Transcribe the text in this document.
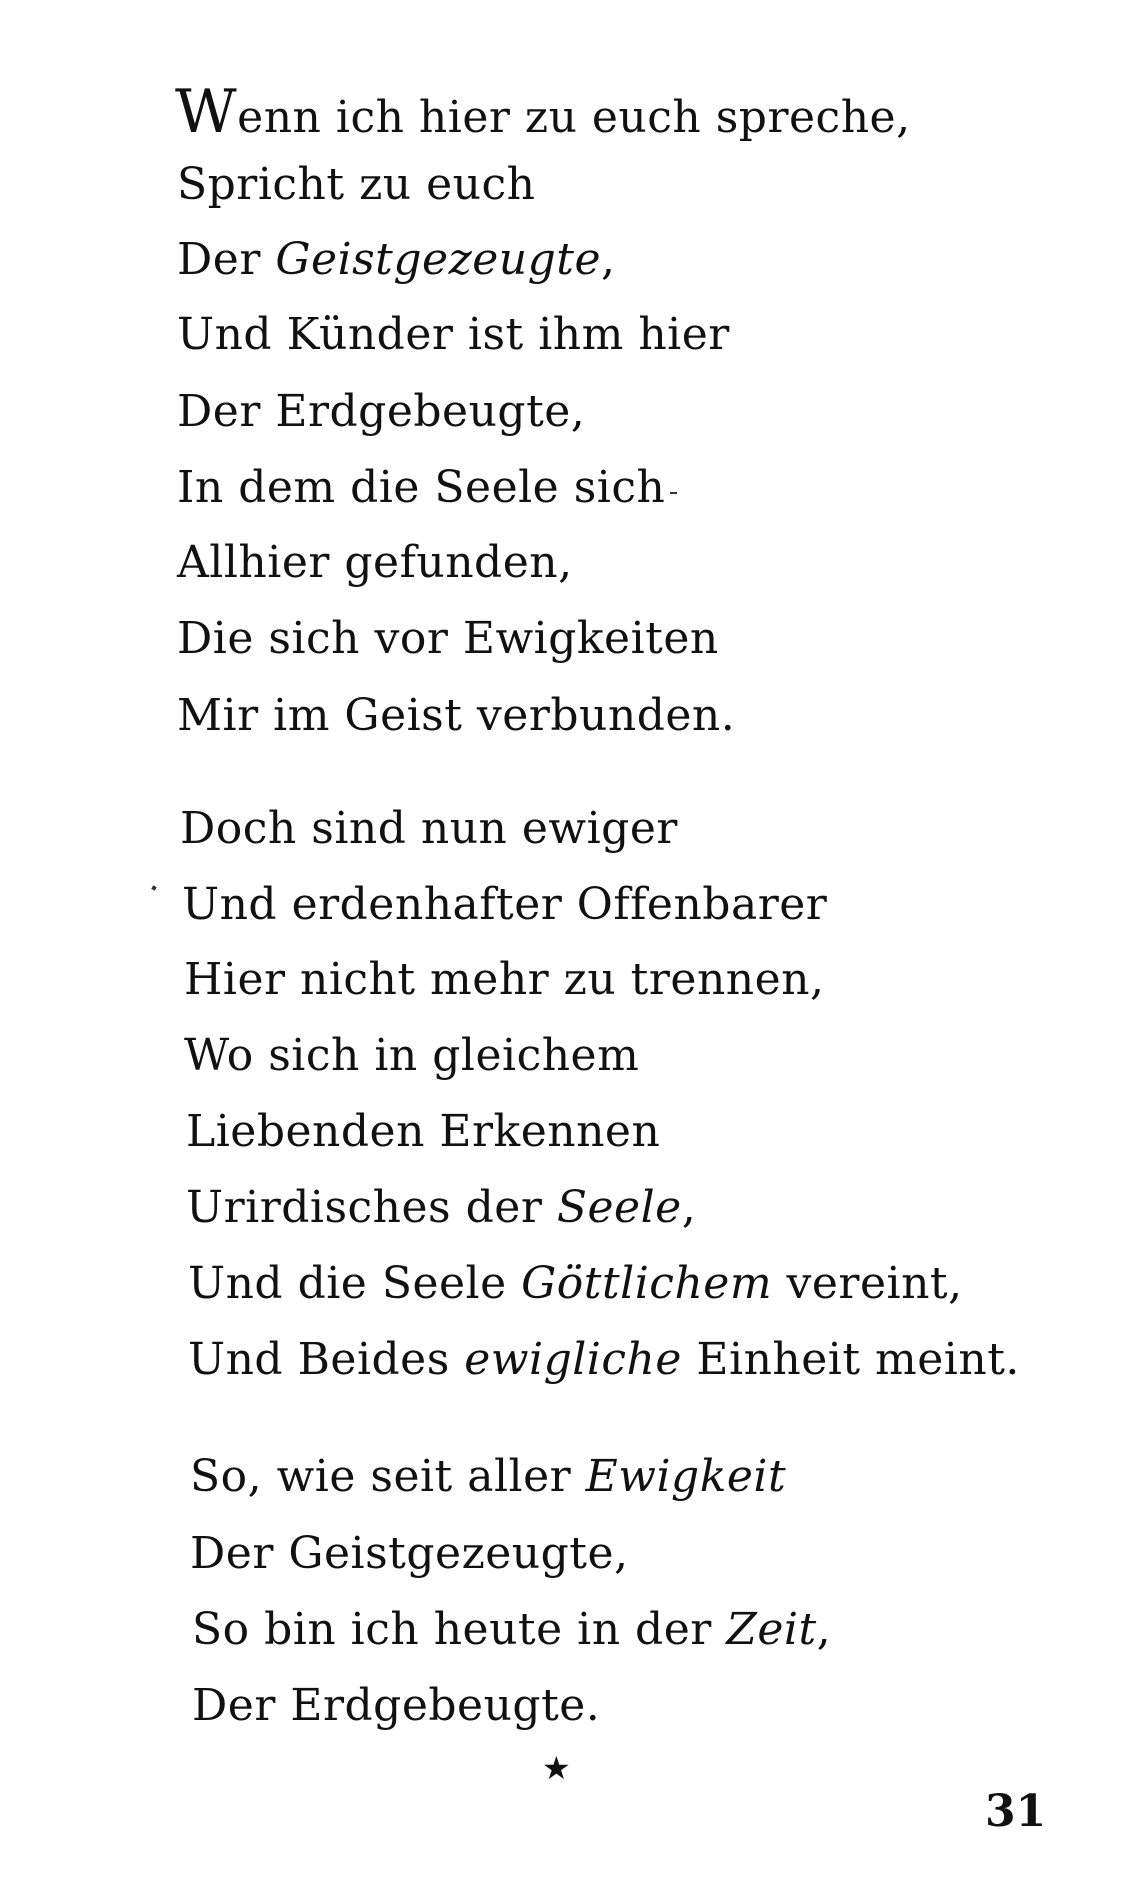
Wenn ich hier zu euch spreche,
Spricht zu euch
Der Geistgezeugte,
Und Künder ist ihm hier
Der Erdgebeugte,
In dem die Seele sich
Allhier gefunden,
Die sich vor Ewigkeiten
Mir im Geist verbunden.
Doch sind nun ewiger
Und erdenhafter Offenbarer
Hier nicht mehr zu trennen,
Wo sich in gleichem
Liebenden Erkennen
Urirdisches der Seele,
Und die Seele Göttlichem vereint,
Und Beides ewigliche Einheit meint.
So, wie seit aller Ewigkeit
Der Geistgezeugte,
So bin ich heute in der Zeit,
Der Erdgebeugte.
★
31
